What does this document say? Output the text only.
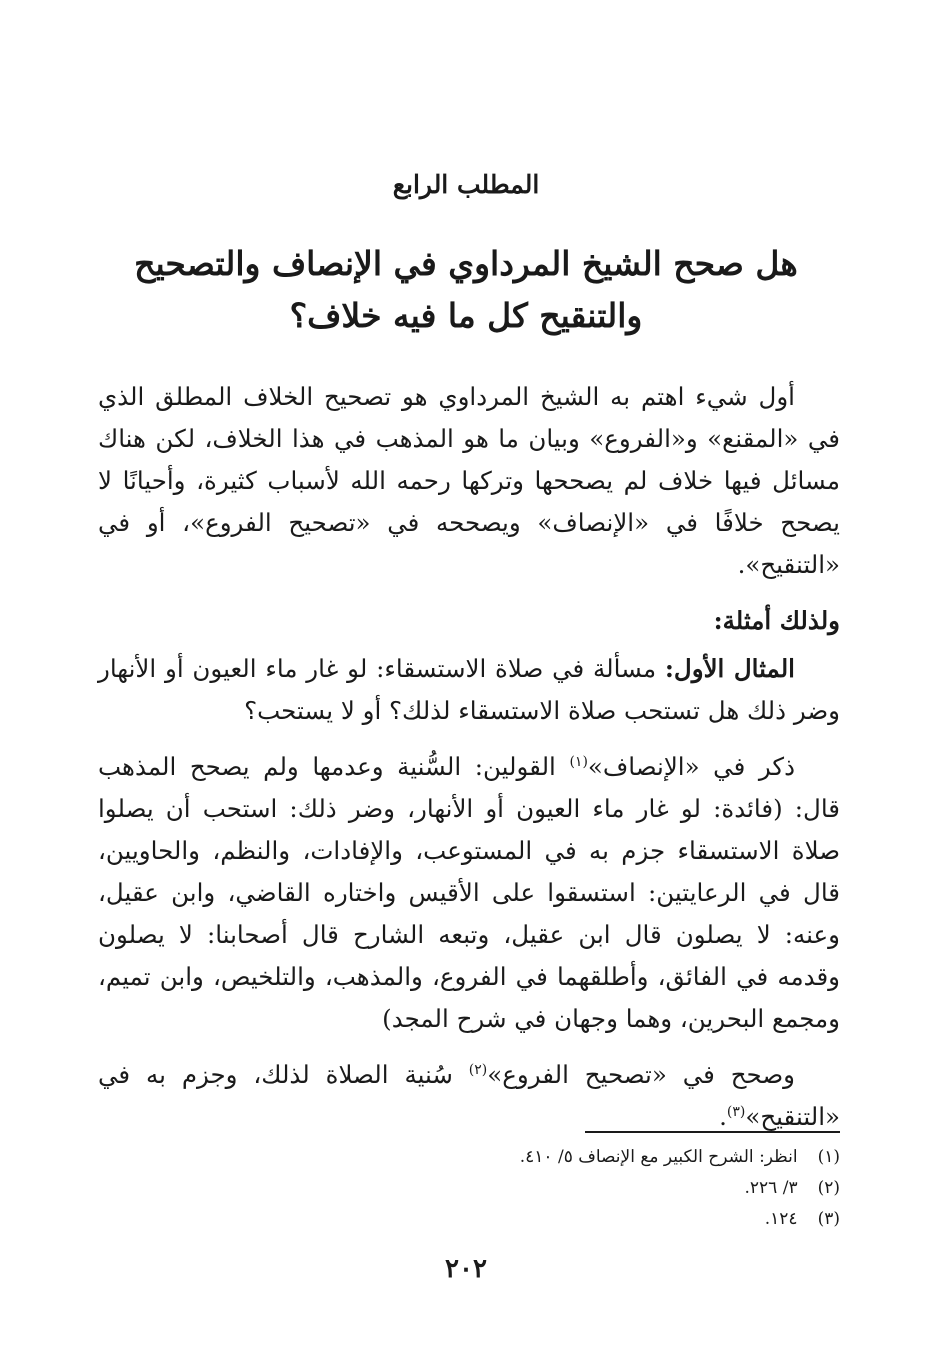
المطلب الرابع
هل صحح الشيخ المرداوي في الإنصاف والتصحيح والتنقيح كل ما فيه خلاف؟

أول شيء اهتم به الشيخ المرداوي هو تصحيح الخلاف المطلق الذي في «المقنع» و«الفروع» وبيان ما هو المذهب في هذا الخلاف، لكن هناك مسائل فيها خلاف لم يصححها وتركها رحمه الله لأسباب كثيرة، وأحيانًا لا يصحح خلافًا في «الإنصاف» ويصححه في «تصحيح الفروع»، أو في «التنقيح».

ولذلك أمثلة:

المثال الأول: مسألة في صلاة الاستسقاء: لو غار ماء العيون أو الأنهار وضر ذلك هل تستحب صلاة الاستسقاء لذلك؟ أو لا يستحب؟

ذكر في «الإنصاف»$^{(١)}$ القولين: السُّنية وعدمها ولم يصحح المذهب قال: (فائدة: لو غار ماء العيون أو الأنهار، وضر ذلك: استحب أن يصلوا صلاة الاستسقاء جزم به في المستوعب، والإفادات، والنظم، والحاويين، قال في الرعايتين: استسقوا على الأقيس واختاره القاضي، وابن عقيل، وعنه: لا يصلون قال ابن عقيل، وتبعه الشارح قال أصحابنا: لا يصلون وقدمه في الفائق، وأطلقهما في الفروع، والمذهب، والتلخيص، وابن تميم، ومجمع البحرين، وهما وجهان في شرح المجد)

وصحح في «تصحيح الفروع»$^{(٢)}$ سُنية الصلاة لذلك، وجزم به في «التنقيح»$^{(٣)}$.

(١)
انظر: الشرح الكبير مع الإنصاف ٥/ ٤١٠.
(٢)
٣/ ٢٢٦.
(٣)
١٢٤.
٢٠٢
